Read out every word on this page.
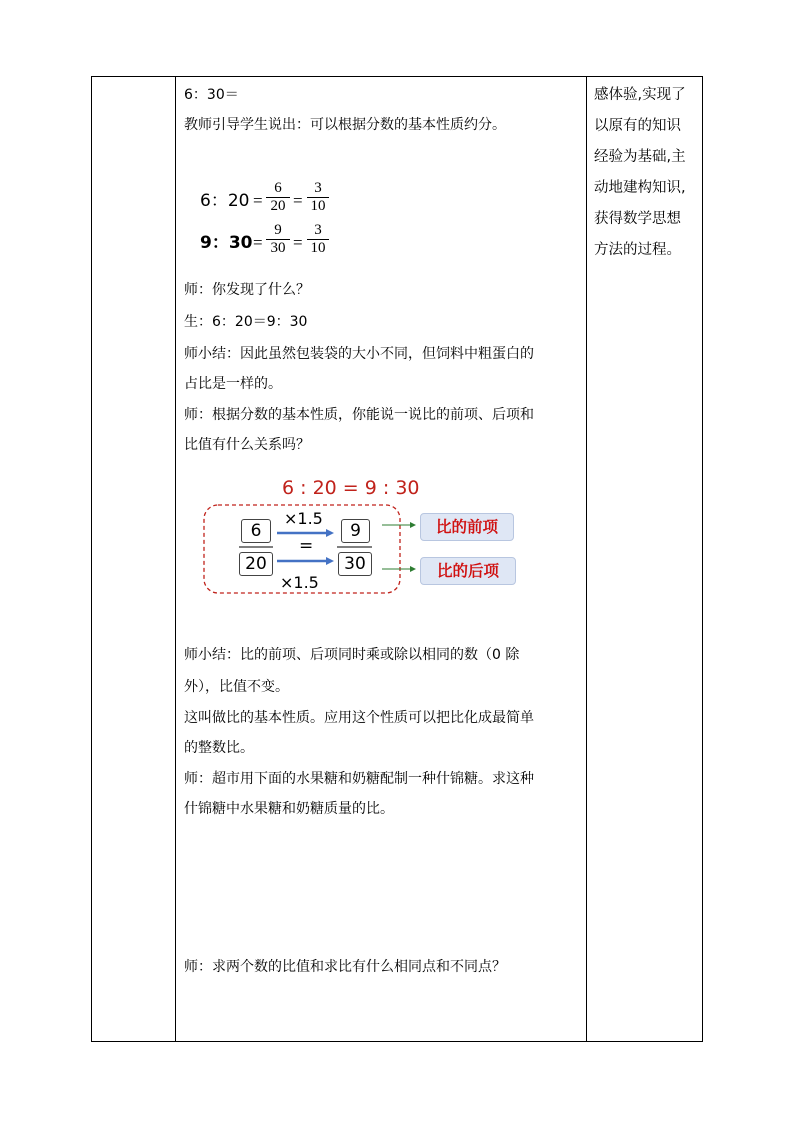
6：30＝
教师引导学生说出：可以根据分数的基本性质约分。
6：20 =
6
20 =
3
10
9：30 =
9
30 =
3
10
师：你发现了什么？
生：6：20＝9：30
师小结：因此虽然包装袋的大小不同，但饲料中粗蛋白的
占比是一样的。
师：根据分数的基本性质，你能说一说比的前项、后项和
比值有什么关系吗？
6 : 20 = 9 : 30
6
20
9
30
×1.5
=
×1.5
比的前项
比的后项
师小结：比的前项、后项同时乘或除以相同的数（0 除
外），比值不变。
这叫做比的基本性质。应用这个性质可以把比化成最简单
的整数比。
师：超市用下面的水果糖和奶糖配制一种什锦糖。求这种
什锦糖中水果糖和奶糖质量的比。
师：求两个数的比值和求比有什么相同点和不同点？
感体验,实现了
以原有的知识
经验为基础,主
动地建构知识,
获得数学思想
方法的过程。
